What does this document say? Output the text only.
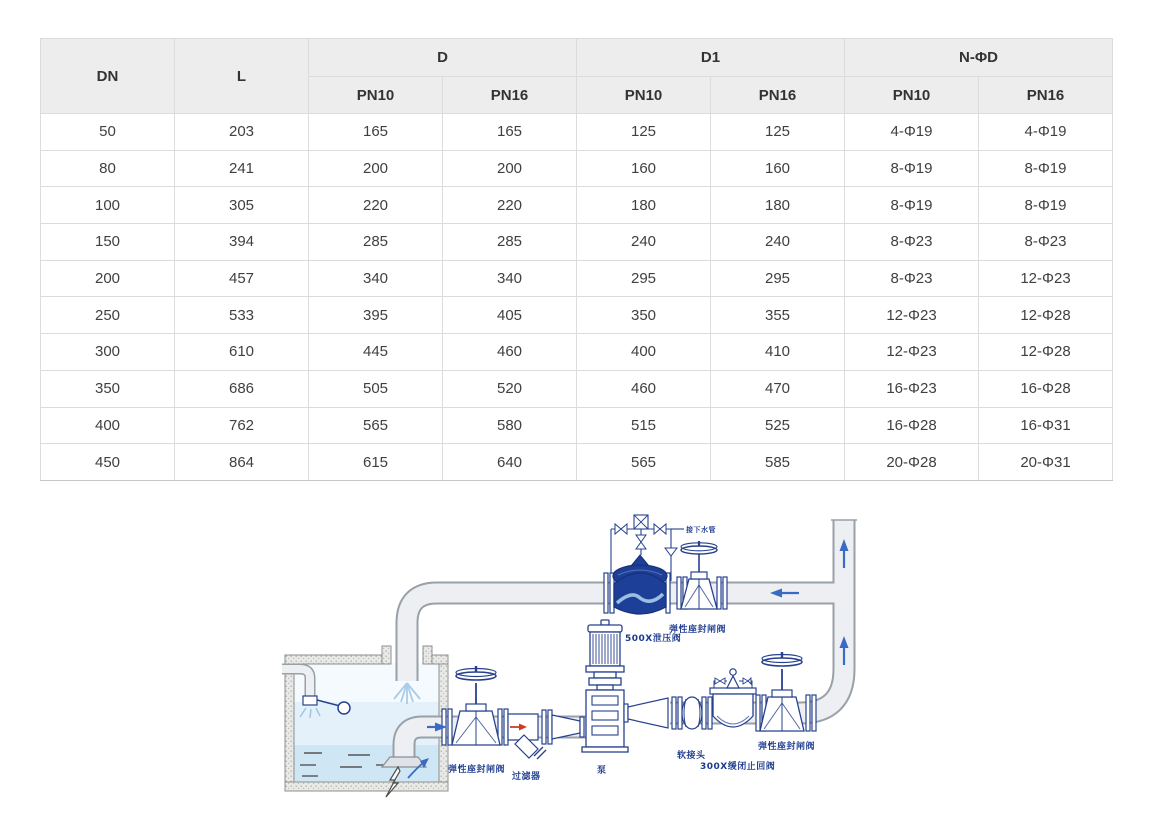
DN	L	D		D1		N-ΦD	
		PN10	PN16	PN10	PN16	PN10	PN16
50	203	165	165	125	125	4-Φ19	4-Φ19
80	241	200	200	160	160	8-Φ19	8-Φ19
100	305	220	220	180	180	8-Φ19	8-Φ19
150	394	285	285	240	240	8-Φ23	8-Φ23
200	457	340	340	295	295	8-Φ23	12-Φ23
250	533	395	405	350	355	12-Φ23	12-Φ28
300	610	445	460	400	410	12-Φ23	12-Φ28
350	686	505	520	460	470	16-Φ23	16-Φ28
400	762	565	580	515	525	16-Φ28	16-Φ31
450	864	615	640	565	585	20-Φ28	20-Φ31
接下水管
500X泄压阀
弹性座封闸阀
弹性座封闸阀
过滤器
泵
软接头
300X缓闭止回阀
弹性座封闸阀
